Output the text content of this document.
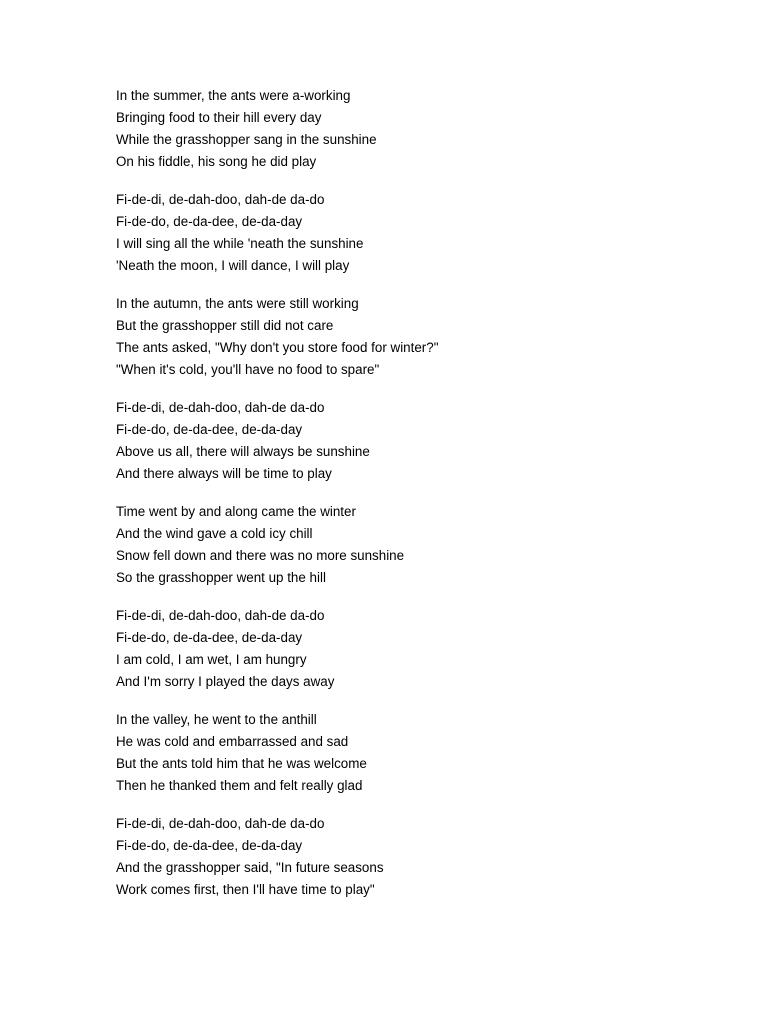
In the summer, the ants were a-working
Bringing food to their hill every day
While the grasshopper sang in the sunshine
On his fiddle, his song he did play
Fi-de-di, de-dah-doo, dah-de da-do
Fi-de-do, de-da-dee, de-da-day
I will sing all the while 'neath the sunshine
'Neath the moon, I will dance, I will play
In the autumn, the ants were still working
But the grasshopper still did not care
The ants asked, "Why don't you store food for winter?"
"When it's cold, you'll have no food to spare"
Fi-de-di, de-dah-doo, dah-de da-do
Fi-de-do, de-da-dee, de-da-day
Above us all, there will always be sunshine
And there always will be time to play
Time went by and along came the winter
And the wind gave a cold icy chill
Snow fell down and there was no more sunshine
So the grasshopper went up the hill
Fi-de-di, de-dah-doo, dah-de da-do
Fi-de-do, de-da-dee, de-da-day
I am cold, I am wet, I am hungry
And I'm sorry I played the days away
In the valley, he went to the anthill
He was cold and embarrassed and sad
But the ants told him that he was welcome
Then he thanked them and felt really glad
Fi-de-di, de-dah-doo, dah-de da-do
Fi-de-do, de-da-dee, de-da-day
And the grasshopper said, "In future seasons
Work comes first, then I'll have time to play"
